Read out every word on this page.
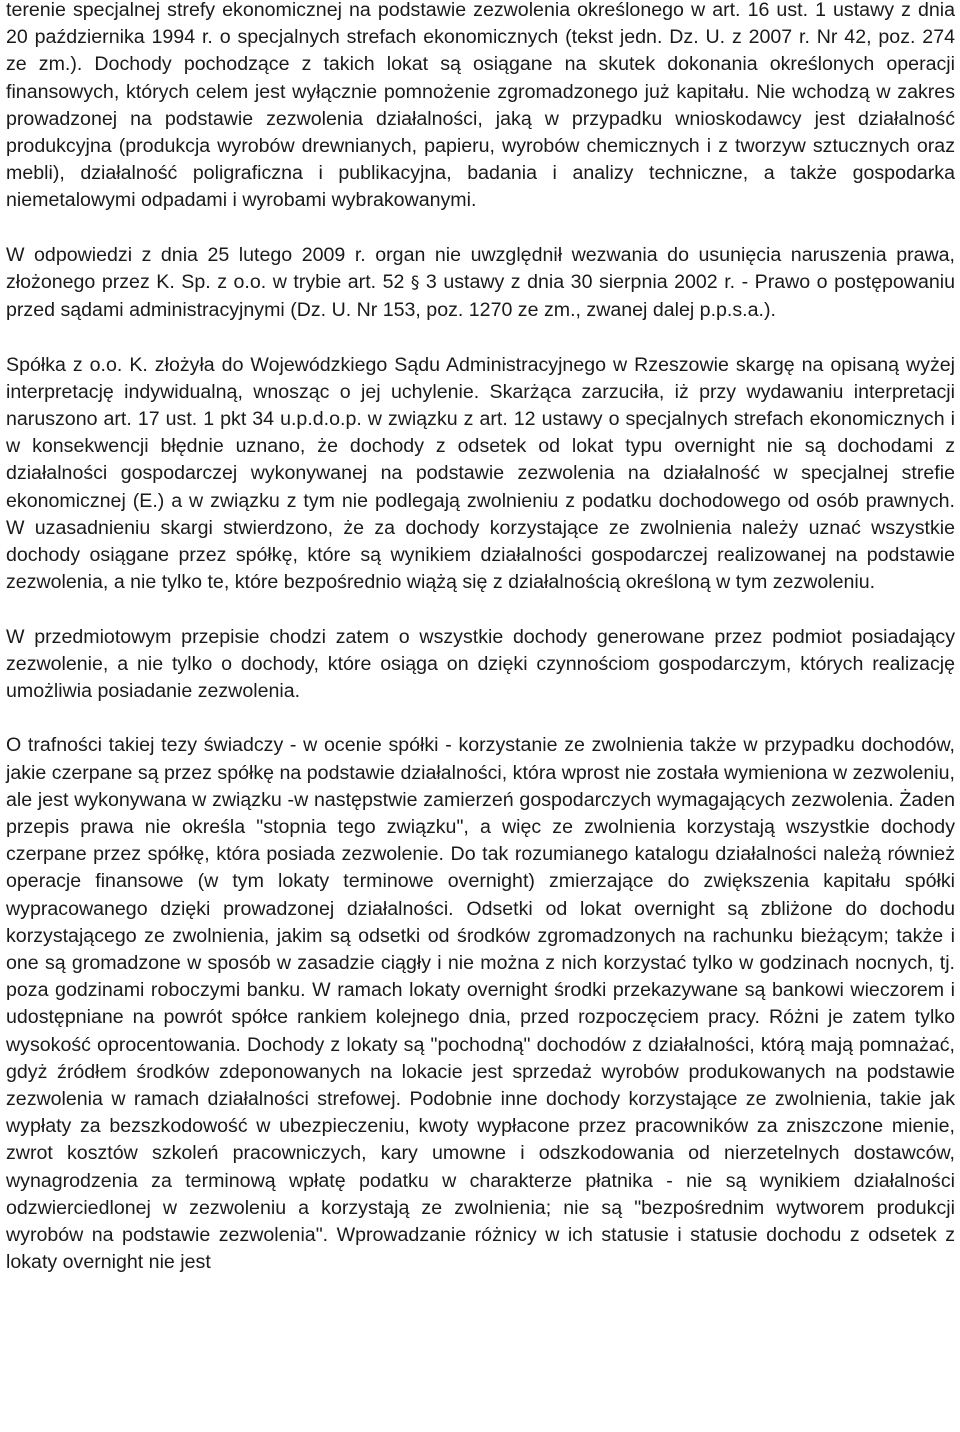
terenie specjalnej strefy ekonomicznej na podstawie zezwolenia określonego w art. 16 ust. 1 ustawy z dnia 20 października 1994 r. o specjalnych strefach ekonomicznych (tekst jedn. Dz. U. z 2007 r. Nr 42, poz. 274 ze zm.). Dochody pochodzące z takich lokat są osiągane na skutek dokonania określonych operacji finansowych, których celem jest wyłącznie pomnożenie zgromadzonego już kapitału. Nie wchodzą w zakres prowadzonej na podstawie zezwolenia działalności, jaką w przypadku wnioskodawcy jest działalność produkcyjna (produkcja wyrobów drewnianych, papieru, wyrobów chemicznych i z tworzyw sztucznych oraz mebli), działalność poligraficzna i publikacyjna, badania i analizy techniczne, a także gospodarka niemetalowymi odpadami i wyrobami wybrakowanymi.

W odpowiedzi z dnia 25 lutego 2009 r. organ nie uwzględnił wezwania do usunięcia naruszenia prawa, złożonego przez K. Sp. z o.o. w trybie art. 52 § 3 ustawy z dnia 30 sierpnia 2002 r. - Prawo o postępowaniu przed sądami administracyjnymi (Dz. U. Nr 153, poz. 1270 ze zm., zwanej dalej p.p.s.a.).

Spółka z o.o. K. złożyła do Wojewódzkiego Sądu Administracyjnego w Rzeszowie skargę na opisaną wyżej interpretację indywidualną, wnosząc o jej uchylenie. Skarżąca zarzuciła, iż przy wydawaniu interpretacji naruszono art. 17 ust. 1 pkt 34 u.p.d.o.p. w związku z art. 12 ustawy o specjalnych strefach ekonomicznych i w konsekwencji błędnie uznano, że dochody z odsetek od lokat typu overnight nie są dochodami z działalności gospodarczej wykonywanej na podstawie zezwolenia na działalność w specjalnej strefie ekonomicznej (E.) a w związku z tym nie podlegają zwolnieniu z podatku dochodowego od osób prawnych. W uzasadnieniu skargi stwierdzono, że za dochody korzystające ze zwolnienia należy uznać wszystkie dochody osiągane przez spółkę, które są wynikiem działalności gospodarczej realizowanej na podstawie zezwolenia, a nie tylko te, które bezpośrednio wiążą się z działalnością określoną w tym zezwoleniu.

W przedmiotowym przepisie chodzi zatem o wszystkie dochody generowane przez podmiot posiadający zezwolenie, a nie tylko o dochody, które osiąga on dzięki czynnościom gospodarczym, których realizację umożliwia posiadanie zezwolenia.

O trafności takiej tezy świadczy - w ocenie spółki - korzystanie ze zwolnienia także w przypadku dochodów, jakie czerpane są przez spółkę na podstawie działalności, która wprost nie została wymieniona w zezwoleniu, ale jest wykonywana w związku -w następstwie zamierzeń gospodarczych wymagających zezwolenia. Żaden przepis prawa nie określa "stopnia tego związku", a więc ze zwolnienia korzystają wszystkie dochody czerpane przez spółkę, która posiada zezwolenie. Do tak rozumianego katalogu działalności należą również operacje finansowe (w tym lokaty terminowe overnight) zmierzające do zwiększenia kapitału spółki wypracowanego dzięki prowadzonej działalności. Odsetki od lokat overnight są zbliżone do dochodu korzystającego ze zwolnienia, jakim są odsetki od środków zgromadzonych na rachunku bieżącym; także i one są gromadzone w sposób w zasadzie ciągły i nie można z nich korzystać tylko w godzinach nocnych, tj. poza godzinami roboczymi banku. W ramach lokaty overnight środki przekazywane są bankowi wieczorem i udostępniane na powrót spółce rankiem kolejnego dnia, przed rozpoczęciem pracy. Różni je zatem tylko wysokość oprocentowania. Dochody z lokaty są "pochodną" dochodów z działalności, którą mają pomnażać, gdyż źródłem środków zdeponowanych na lokacie jest sprzedaż wyrobów produkowanych na podstawie zezwolenia w ramach działalności strefowej. Podobnie inne dochody korzystające ze zwolnienia, takie jak wypłaty za bezszkodowość w ubezpieczeniu, kwoty wypłacone przez pracowników za zniszczone mienie, zwrot kosztów szkoleń pracowniczych, kary umowne i odszkodowania od nierzetelnych dostawców, wynagrodzenia za terminową wpłatę podatku w charakterze płatnika - nie są wynikiem działalności odzwierciedlonej w zezwoleniu a korzystają ze zwolnienia; nie są "bezpośrednim wytworem produkcji wyrobów na podstawie zezwolenia". Wprowadzanie różnicy w ich statusie i statusie dochodu z odsetek z lokaty overnight nie jest
